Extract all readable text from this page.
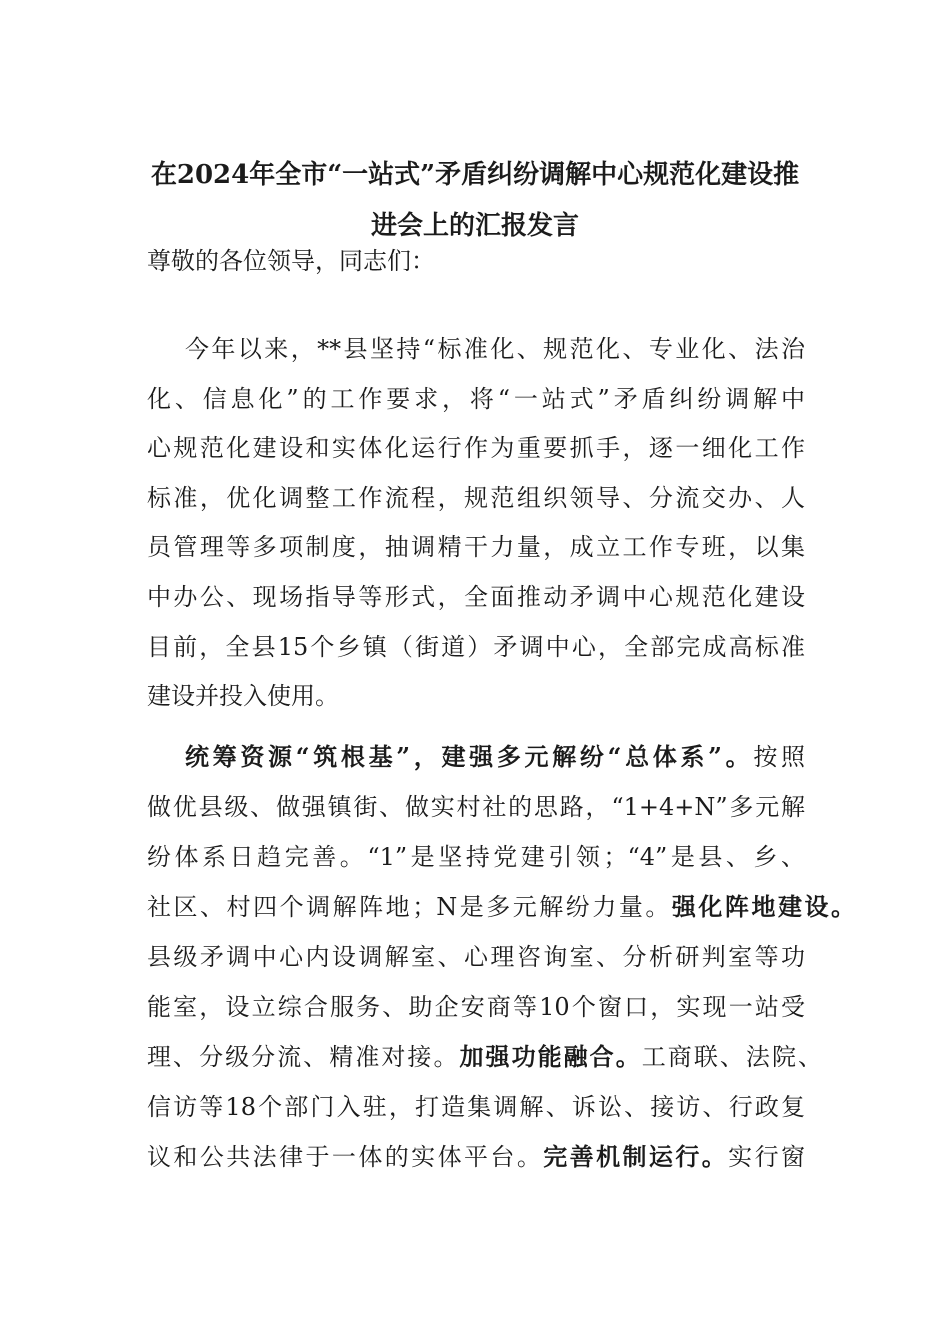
在2024年全市“一站式”矛盾纠纷调解中心规范化建设推
进会上的汇报发言
尊敬的各位领导，同志们：
今年以来，**县坚持“标准化、规范化、专业化、法治
化、信息化”的工作要求，将“一站式”矛盾纠纷调解中
心规范化建设和实体化运行作为重要抓手，逐一细化工作
标准，优化调整工作流程，规范组织领导、分流交办、人
员管理等多项制度，抽调精干力量，成立工作专班，以集
中办公、现场指导等形式，全面推动矛调中心规范化建设
目前，全县15个乡镇（街道）矛调中心，全部完成高标准
建设并投入使用。
统筹资源“筑根基”，建强多元解纷“总体系”。按照
做优县级、做强镇街、做实村社的思路，“1+4+N”多元解
纷体系日趋完善。“1”是坚持党建引领；“4”是县、乡、
社区、村四个调解阵地；N是多元解纷力量。强化阵地建设。
县级矛调中心内设调解室、心理咨询室、分析研判室等功
能室，设立综合服务、助企安商等10个窗口，实现一站受
理、分级分流、精准对接。加强功能融合。工商联、法院、
信访等18个部门入驻，打造集调解、诉讼、接访、行政复
议和公共法律于一体的实体平台。完善机制运行。实行窗
